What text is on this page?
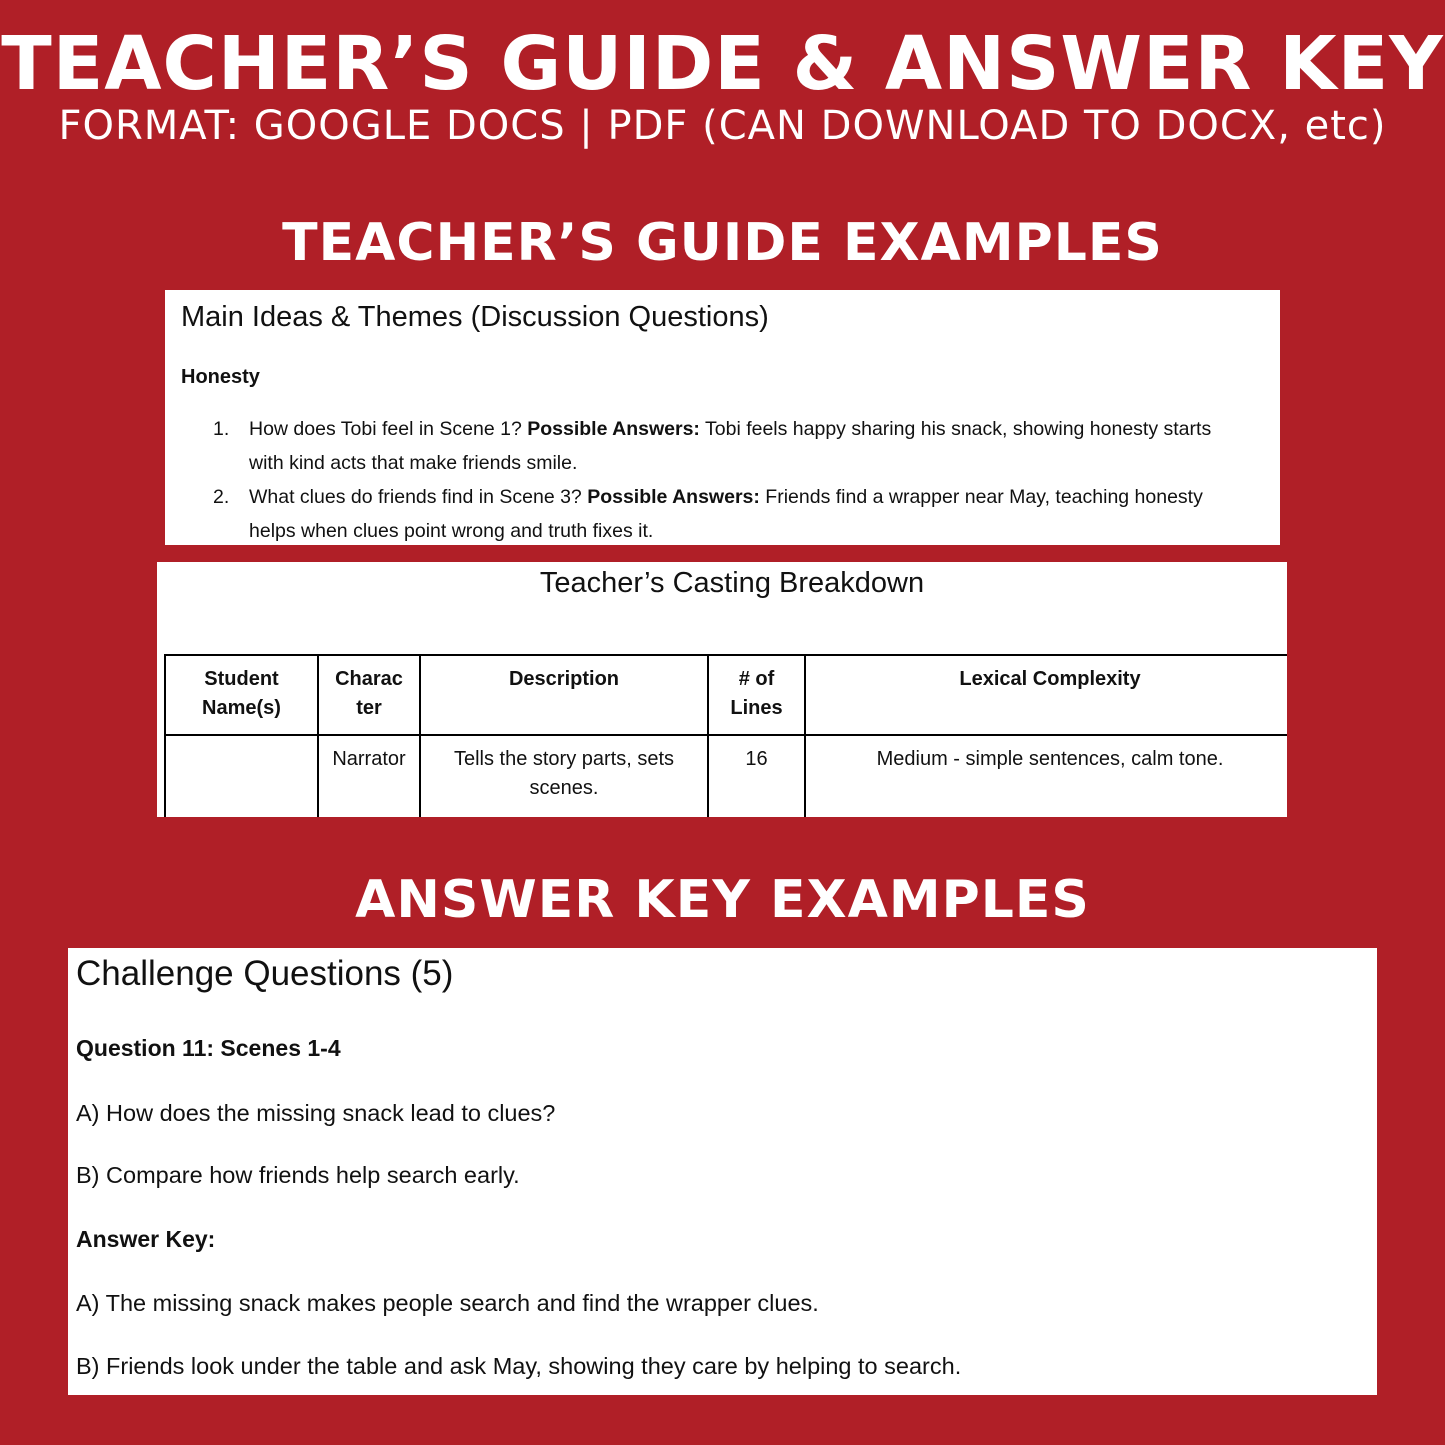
TEACHER’S GUIDE & ANSWER KEY
FORMAT: GOOGLE DOCS | PDF (CAN DOWNLOAD TO DOCX, etc)
TEACHER’S GUIDE EXAMPLES
Main Ideas & Themes (Discussion Questions)
Honesty
1. How does Tobi feel in Scene 1? Possible Answers: Tobi feels happy sharing his snack, showing honesty starts with kind acts that make friends smile.
2. What clues do friends find in Scene 3? Possible Answers: Friends find a wrapper near May, teaching honesty helps when clues point wrong and truth fixes it.
Teacher’s Casting Breakdown
Student Name(s)	Charac ter	Description	# of Lines	Lexical Complexity
	Narrator	Tells the story parts, sets scenes.	16	Medium - simple sentences, calm tone.
ANSWER KEY EXAMPLES
Challenge Questions (5)
Question 11: Scenes 1-4
A) How does the missing snack lead to clues?
B) Compare how friends help search early.
Answer Key:
A) The missing snack makes people search and find the wrapper clues.
B) Friends look under the table and ask May, showing they care by helping to search.
